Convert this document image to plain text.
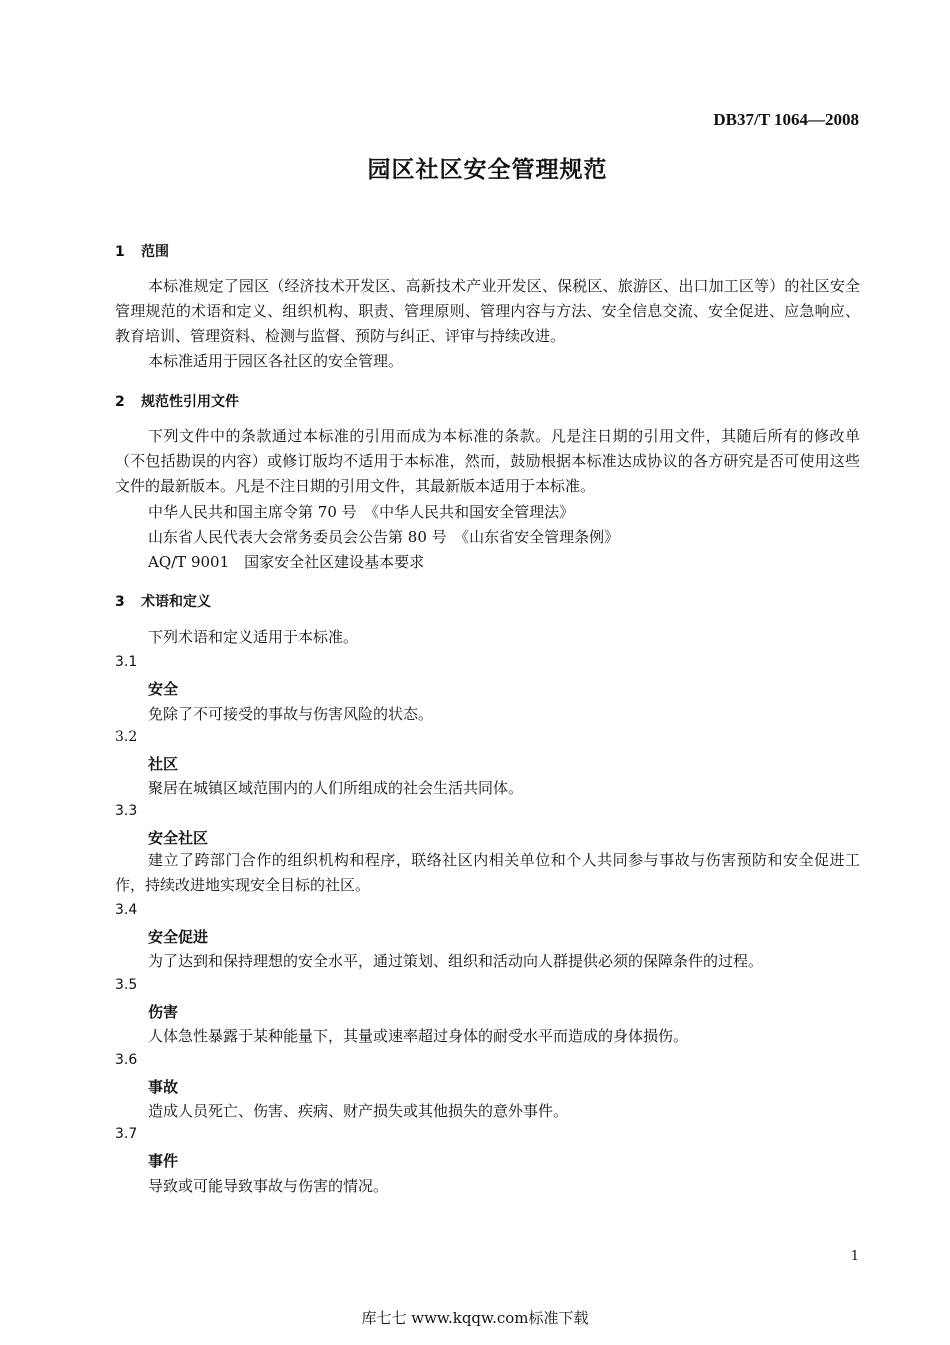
DB37/T 1064—2008
园区社区安全管理规范
1 范围

本标准规定了园区（经济技术开发区、高新技术产业开发区、保税区、旅游区、出口加工区等）的社区安全管理规范的术语和定义、组织机构、职责、管理原则、管理内容与方法、安全信息交流、安全促进、应急响应、教育培训、管理资料、检测与监督、预防与纠正、评审与持续改进。

本标准适用于园区各社区的安全管理。

2 规范性引用文件

下列文件中的条款通过本标准的引用而成为本标准的条款。凡是注日期的引用文件，其随后所有的修改单（不包括勘误的内容）或修订版均不适用于本标准，然而，鼓励根据本标准达成协议的各方研究是否可使用这些文件的最新版本。凡是不注日期的引用文件，其最新版本适用于本标准。

中华人民共和国主席令第 70 号　《中华人民共和国安全管理法》
山东省人民代表大会常务委员会公告第 80 号　《山东省安全管理条例》
AQ/T 9001　国家安全社区建设基本要求
3 术语和定义
下列术语和定义适用于本标准。
3.1
安全
免除了不可接受的事故与伤害风险的状态。
3.2
社区
聚居在城镇区域范围内的人们所组成的社会生活共同体。
3.3
安全社区

建立了跨部门合作的组织机构和程序，联络社区内相关单位和个人共同参与事故与伤害预防和安全促进工作，持续改进地实现安全目标的社区。

3.4
安全促进
为了达到和保持理想的安全水平，通过策划、组织和活动向人群提供必须的保障条件的过程。
3.5
伤害
人体急性暴露于某种能量下，其量或速率超过身体的耐受水平而造成的身体损伤。
3.6
事故
造成人员死亡、伤害、疾病、财产损失或其他损失的意外事件。
3.7
事件
导致或可能导致事故与伤害的情况。
1
库七七 www.kqqw.com标准下载
